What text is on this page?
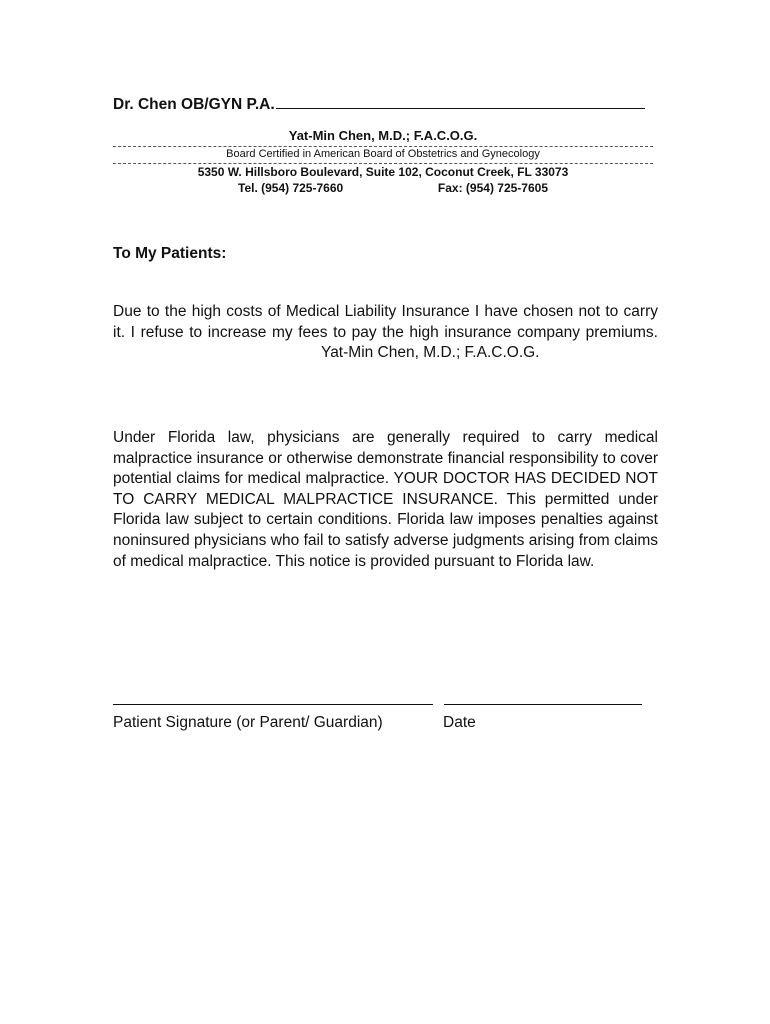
Dr. Chen OB/GYN P.A.
Yat-Min Chen, M.D.; F.A.C.O.G.
Board Certified in American Board of Obstetrics and Gynecology
5350 W. Hillsboro Boulevard, Suite 102, Coconut Creek, FL 33073
Tel. (954) 725-7660	Fax: (954) 725-7605
To My Patients:
Due to the high costs of Medical Liability Insurance I have chosen not to carry it. I refuse to increase my fees to pay the high insurance company premiums.Yat-Min Chen, M.D.; F.A.C.O.G.
Under Florida law, physicians are generally required to carry medical malpractice insurance or otherwise demonstrate financial responsibility to cover potential claims for medical malpractice. YOUR DOCTOR HAS DECIDED NOT TO CARRY MEDICAL MALPRACTICE INSURANCE. This permitted under Florida law subject to certain conditions. Florida law imposes penalties against noninsured physicians who fail to satisfy adverse judgments arising from claims of medical malpractice. This notice is provided pursuant to Florida law.
Patient Signature (or Parent/ Guardian)	Date
